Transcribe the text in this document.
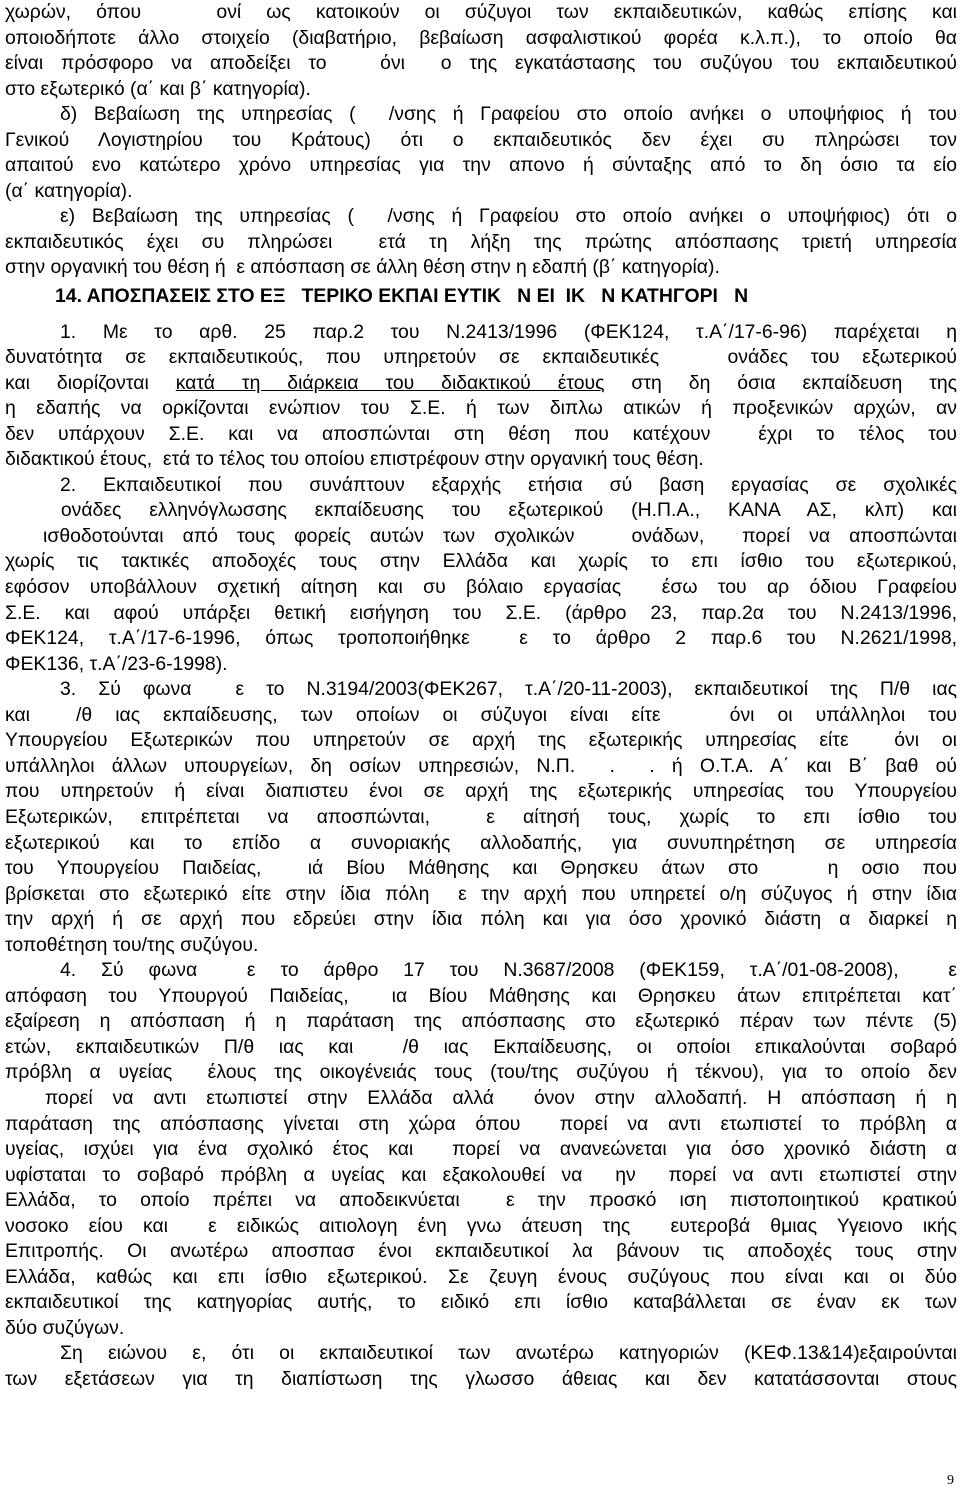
χωρών, όπου   ονί ως κατοικούν οι σύζυγοι των εκπαιδευτικών, καθώς επίσης και
οποιοδήποτε άλλο στοιχείο (διαβατήριο, βεβαίωση ασφαλιστικού φορέα κ.λ.π.), το οποίο θα
είναι πρόσφορο να αποδείξει το   όνι  ο της εγκατάστασης του συζύγου του εκπαιδευτικού
στο εξωτερικό (α΄ και β΄ κατηγορία).
δ) Βεβαίωση της υπηρεσίας (  /νσης ή Γραφείου στο οποίο ανήκει ο υποψήφιος ή του
Γενικού Λογιστηρίου του Κράτους) ότι ο εκπαιδευτικός δεν έχει συ πληρώσει τον
απαιτού ενο κατώτερο χρόνο υπηρεσίας για την απονο ή σύνταξης από το δη όσιο τα είο
(α΄ κατηγορία).
ε) Βεβαίωση της υπηρεσίας (  /νσης ή Γραφείου στο οποίο ανήκει ο υποψήφιος) ότι ο
εκπαιδευτικός έχει συ πληρώσει  ετά τη λήξη της πρώτης απόσπασης τριετή υπηρεσία
στην οργανική του θέση ή  ε απόσπαση σε άλλη θέση στην η εδαπή (β΄ κατηγορία).
14. ΑΠΟΣΠΑΣΕΙΣ ΣΤΟ ΕΞ   ΤΕΡΙΚΟ ΕΚΠΑΙ ΕΥΤΙΚ   Ν ΕΙ  ΙΚ   Ν ΚΑΤΗΓΟΡΙ   Ν
1. Με το αρθ. 25 παρ.2 του Ν.2413/1996 (ΦΕΚ124, τ.Α΄/17-6-96) παρέχεται η
δυνατότητα σε εκπαιδευτικούς, που υπηρετούν σε εκπαιδευτικές   ονάδες του εξωτερικού
και διορίζονται κατά τη διάρκεια του διδακτικού έτους στη δη όσια εκπαίδευση της
η εδαπής να ορκίζονται ενώπιον του Σ.Ε. ή των διπλω ατικών ή προξενικών αρχών, αν
δεν υπάρχουν Σ.Ε. και να αποσπώνται στη θέση που κατέχουν  έχρι το τέλος του
διδακτικού έτους,  ετά το τέλος του οποίου επιστρέφουν στην οργανική τους θέση.
2. Εκπαιδευτικοί που συνάπτουν εξαρχής ετήσια σύ βαση εργασίας σε σχολικές
ονάδες ελληνόγλωσσης εκπαίδευσης του εξωτερικού (Η.Π.Α., ΚΑΝΑ ΑΣ, κλπ) και
ισθοδοτούνται από τους φορείς αυτών των σχολικών   ονάδων,  πορεί να αποσπώνται
χωρίς τις τακτικές αποδοχές τους στην Ελλάδα και χωρίς το επι ίσθιο του εξωτερικού,
εφόσον υποβάλλουν σχετική αίτηση και συ βόλαιο εργασίας  έσω του αρ όδιου Γραφείου
Σ.Ε. και αφού υπάρξει θετική εισήγηση του Σ.Ε. (άρθρο 23, παρ.2α του Ν.2413/1996,
ΦΕΚ124, τ.Α΄/17-6-1996, όπως τροποποιήθηκε  ε το άρθρο 2 παρ.6 του Ν.2621/1998,
ΦΕΚ136, τ.Α΄/23-6-1998).
3. Σύ φωνα  ε το Ν.3194/2003(ΦΕΚ267, τ.Α΄/20-11-2003), εκπαιδευτικοί της Π/θ ιας
και  /θ ιας εκπαίδευσης, των οποίων οι σύζυγοι είναι είτε   όνι οι υπάλληλοι του
Υπουργείου Εξωτερικών που υπηρετούν σε αρχή της εξωτερικής υπηρεσίας είτε  όνι οι
υπάλληλοι άλλων υπουργείων, δη οσίων υπηρεσιών, Ν.Π.  .  . ή Ο.Τ.Α. Α΄ και Β΄ βαθ ού
που υπηρετούν ή είναι διαπιστευ ένοι σε αρχή της εξωτερικής υπηρεσίας του Υπουργείου
Εξωτερικών, επιτρέπεται να αποσπώνται,  ε αίτησή τους, χωρίς το επι ίσθιο του
εξωτερικού και το επίδο α συνοριακής αλλοδαπής, για συνυπηρέτηση σε υπηρεσία
του Υπουργείου Παιδείας,  ιά Βίου Μάθησης και Θρησκευ άτων στο   η οσιο που
βρίσκεται στο εξωτερικό είτε στην ίδια πόλη  ε την αρχή που υπηρετεί ο/η σύζυγος ή στην ίδια
την αρχή ή σε αρχή που εδρεύει στην ίδια πόλη και για όσο χρονικό διάστη α διαρκεί η
τοποθέτηση του/της συζύγου.
4. Σύ φωνα  ε το άρθρο 17 του Ν.3687/2008 (ΦΕΚ159, τ.Α΄/01-08-2008),  ε
απόφαση του Υπουργού Παιδείας,  ια Βίου Μάθησης και Θρησκευ άτων επιτρέπεται κατ΄
εξαίρεση η απόσπαση ή η παράταση της απόσπασης στο εξωτερικό πέραν των πέντε (5)
ετών, εκπαιδευτικών Π/θ ιας και  /θ ιας Εκπαίδευσης, οι οποίοι επικαλούνται σοβαρό
πρόβλη α υγείας  έλους της οικογένειάς τους (του/της συζύγου ή τέκνου), για το οποίο δεν
πορεί να αντι ετωπιστεί στην Ελλάδα αλλά  όνον στην αλλοδαπή. Η απόσπαση ή η
παράταση της απόσπασης γίνεται στη χώρα όπου  πορεί να αντι ετωπιστεί το πρόβλη α
υγείας, ισχύει για ένα σχολικό έτος και  πορεί να ανανεώνεται για όσο χρονικό διάστη α
υφίσταται το σοβαρό πρόβλη α υγείας και εξακολουθεί να  ην  πορεί να αντι ετωπιστεί στην
Ελλάδα, το οποίο πρέπει να αποδεικνύεται  ε την προσκό ιση πιστοποιητικού κρατικού
νοσοκο είου και  ε ειδικώς αιτιολογη ένη γνω άτευση της  ευτεροβά θμιας Υγειονο ικής
Επιτροπής. Οι ανωτέρω αποσπασ ένοι εκπαιδευτικοί λα βάνουν τις αποδοχές τους στην
Ελλάδα, καθώς και επι ίσθιο εξωτερικού. Σε ζευγη ένους συζύγους που είναι και οι δύο
εκπαιδευτικοί της κατηγορίας αυτής, το ειδικό επι ίσθιο καταβάλλεται σε έναν εκ των
δύο συζύγων.
Ση ειώνου ε, ότι οι εκπαιδευτικοί των ανωτέρω κατηγοριών (ΚΕΦ.13&14)εξαιρούνται
των εξετάσεων για τη διαπίστωση της γλωσσο άθειας και δεν κατατάσσονται στους
9
